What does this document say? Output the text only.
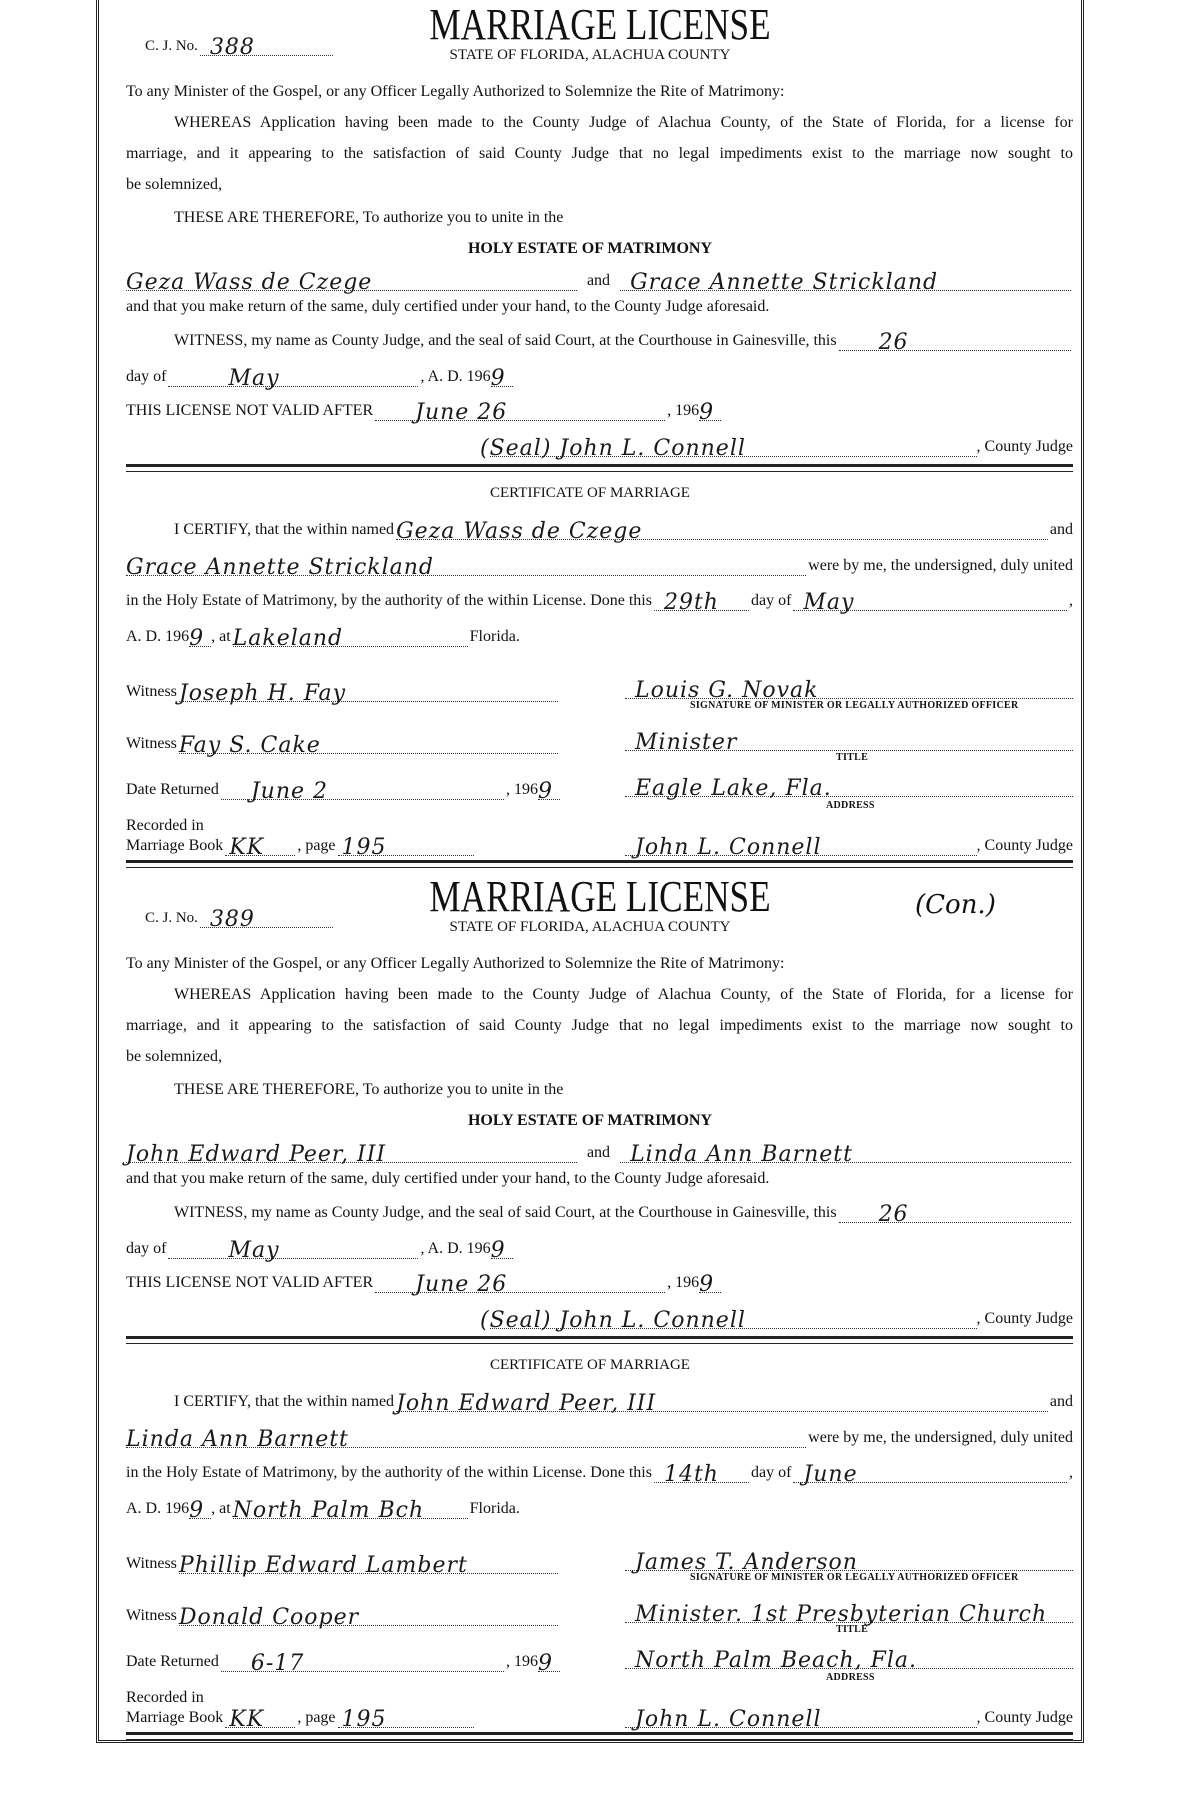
C. J. No. 388	MARRIAGE LICENSE
STATE OF FLORIDA, ALACHUA COUNTY
To any Minister of the Gospel, or any Officer Legally Authorized to Solemnize the Rite of Matrimony:
WHEREAS Application having been made to the County Judge of Alachua County, of the State of Florida, for a license for
marriage, and it appearing to the satisfaction of said County Judge that no legal impediments exist to the marriage now sought to
be solemnized,
THESE ARE THEREFORE, To authorize you to unite in the
HOLY ESTATE OF MATRIMONY
Geza Wass de Czege	and Grace Annette Strickland
and that you make return of the same, duly certified under your hand, to the County Judge aforesaid.
WITNESS, my name as County Judge, and the seal of said Court, at the Courthouse in Gainesville, this 26
day of	May	, A. D. 196 9
THIS LICENSE NOT VALID AFTER June 26	, 196 9
(Seal) John L. Connell	, County Judge
CERTIFICATE OF MARRIAGE
I CERTIFY, that the within named Geza Wass de Czege	and
Grace Annette Strickland	were by me, the undersigned, duly united
in the Holy Estate of Matrimony, by the authority of the within License. Done this 29th day of May	,
A. D. 196 9 , at Lakeland	Florida.
Witness Joseph H. Fay	Louis G. Novak
SIGNATURE OF MINISTER OR LEGALLY AUTHORIZED OFFICER
Witness Fay S. Cake	Minister
TITLE
Date Returned June 2	, 196 9	Eagle Lake, Fla.
ADDRESS
Recorded in
Marriage Book KK , page 195	John L. Connell	, County Judge
C. J. No. 389	MARRIAGE LICENSE	(Con.)
STATE OF FLORIDA, ALACHUA COUNTY
To any Minister of the Gospel, or any Officer Legally Authorized to Solemnize the Rite of Matrimony:
WHEREAS Application having been made to the County Judge of Alachua County, of the State of Florida, for a license for
marriage, and it appearing to the satisfaction of said County Judge that no legal impediments exist to the marriage now sought to
be solemnized,
THESE ARE THEREFORE, To authorize you to unite in the
HOLY ESTATE OF MATRIMONY
John Edward Peer, III	and Linda Ann Barnett
and that you make return of the same, duly certified under your hand, to the County Judge aforesaid.
WITNESS, my name as County Judge, and the seal of said Court, at the Courthouse in Gainesville, this 26
day of	May	, A. D. 196 9
THIS LICENSE NOT VALID AFTER June 26	, 196 9
(Seal) John L. Connell	, County Judge
CERTIFICATE OF MARRIAGE
I CERTIFY, that the within named John Edward Peer, III	and
Linda Ann Barnett	were by me, the undersigned, duly united
in the Holy Estate of Matrimony, by the authority of the within License. Done this 14th day of June	,
A. D. 196 9 , at North Palm Bch	Florida.
Witness Phillip Edward Lambert	James T. Anderson
SIGNATURE OF MINISTER OR LEGALLY AUTHORIZED OFFICER
Witness Donald Cooper	Minister. 1st Presbyterian Church
TITLE
Date Returned 6-17	, 196 9	North Palm Beach, Fla.
ADDRESS
Recorded in
Marriage Book KK , page 195	John L. Connell	, County Judge
